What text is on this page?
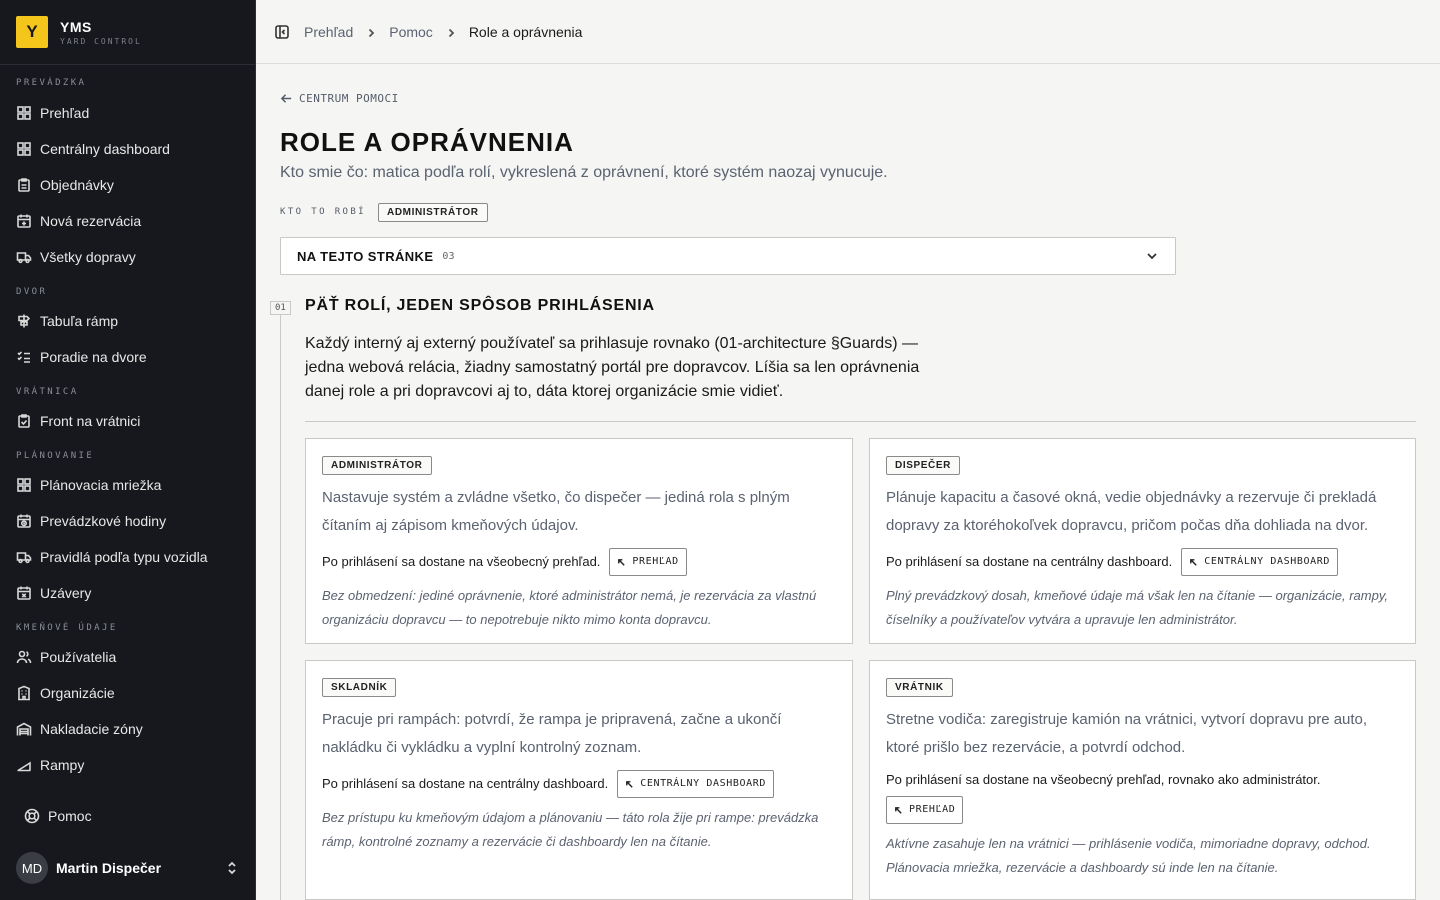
Y	YMS
YARD CONTROL
PREVÁDZKA
Prehľad
Centrálny dashboard
Objednávky
Nová rezervácia
Všetky dopravy
DVOR
Tabuľa rámp
Poradie na dvore
VRÁTNICA
Front na vrátnici
PLÁNOVANIE
Plánovacia mriežka
Prevádzkové hodiny
Pravidlá podľa typu vozidla
Uzávery
KMEŇOVÉ ÚDAJE
Používatelia
Organizácie
Nakladacie zóny
Rampy
Pomoc
MD Martin Dispečer
Prehľad	Pomoc	Role a oprávnenia
CENTRUM POMOCI
ROLE A OPRÁVNENIA

Kto smie čo: matica podľa rolí, vykreslená z oprávnení, ktoré systém naozaj vynucuje.

KTO TO ROBÍ	ADMINISTRÁTOR
NA TEJTO STRÁNKE 03
01	PÄŤ ROLÍ, JEDEN SPÔSOB PRIHLÁSENIA

Každý interný aj externý používateľ sa prihlasuje rovnako (01-architecture §Guards) — jedna webová relácia, žiadny samostatný portál pre dopravcov. Líšia sa len oprávnenia danej role a pri dopravcovi aj to, dáta ktorej organizácie smie vidieť.

ADMINISTRÁTOR

Nastavuje systém a zvládne všetko, čo dispečer — jediná rola s plným čítaním aj zápisom kmeňových údajov.

Po prihlásení sa dostane na všeobecný prehľad.	PREHĽAD

Bez obmedzení: jediné oprávnenie, ktoré administrátor nemá, je rezervácia za vlastnú organizáciu dopravcu — to nepotrebuje nikto mimo konta dopravcu.

DISPEČER

Plánuje kapacitu a časové okná, vedie objednávky a rezervuje či prekladá dopravy za ktoréhokoľvek dopravcu, pričom počas dňa dohliada na dvor.

Po prihlásení sa dostane na centrálny dashboard.	CENTRÁLNY DASHBOARD

Plný prevádzkový dosah, kmeňové údaje má však len na čítanie — organizácie, rampy, číselníky a používateľov vytvára a upravuje len administrátor.

SKLADNÍK

Pracuje pri rampách: potvrdí, že rampa je pripravená, začne a ukončí nakládku či vykládku a vyplní kontrolný zoznam.

Po prihlásení sa dostane na centrálny dashboard.	CENTRÁLNY DASHBOARD

Bez prístupu ku kmeňovým údajom a plánovaniu — táto rola žije pri rampe: prevádzka rámp, kontrolné zoznamy a rezervácie či dashboardy len na čítanie.

VRÁTNIK

Stretne vodiča: zaregistruje kamión na vrátnici, vytvorí dopravu pre auto, ktoré prišlo bez rezervácie, a potvrdí odchod.

Po prihlásení sa dostane na všeobecný prehľad, rovnako ako administrátor.
PREHĽAD

Aktívne zasahuje len na vrátnici — prihlásenie vodiča, mimoriadne dopravy, odchod. Plánovacia mriežka, rezervácie a dashboardy sú inde len na čítanie.
